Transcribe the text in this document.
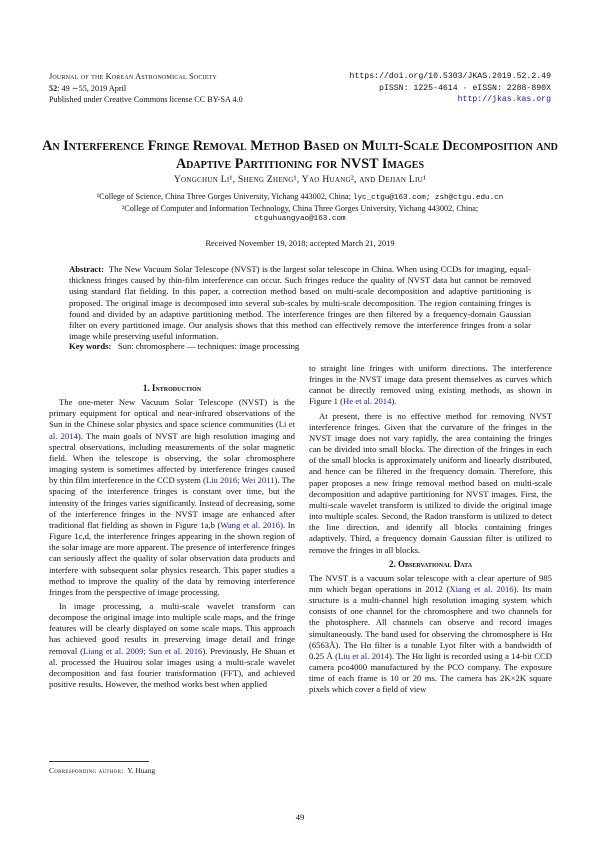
Journal of the Korean Astronomical Society
52: 49 ∼55, 2019 April
Published under Creative Commons license CC BY-SA 4.0
https://doi.org/10.5303/JKAS.2019.52.2.49
pISSN: 1225-4614 · eISSN: 2288-890X
http://jkas.kas.org
An Interference Fringe Removal Method Based on Multi-Scale Decomposition and Adaptive Partitioning for NVST Images
Yongchun Li¹, Sheng Zheng¹, Yao Huang², and Dejian Liu¹
¹College of Science, China Three Gorges University, Yichang 443002, China; lyc_ctgu@163.com; zsh@ctgu.edu.cn
²College of Computer and Information Technology, China Three Gorges University, Yichang 443002, China;
ctguhuangyao@163.com
Received November 19, 2018; accepted March 21, 2019
Abstract: The New Vacuum Solar Telescope (NVST) is the largest solar telescope in China. When using CCDs for imaging, equal-thickness fringes caused by thin-film interference can occur. Such fringes reduce the quality of NVST data but cannot be removed using standard flat fielding. In this paper, a correction method based on multi-scale decomposition and adaptive partitioning is proposed. The original image is decomposed into several sub-scales by multi-scale decomposition. The region containing fringes is found and divided by an adaptive partitioning method. The interference fringes are then filtered by a frequency-domain Gaussian filter on every partitioned image. Our analysis shows that this method can effectively remove the interference fringes from a solar image while preserving useful information.
Key words: Sun: chromosphere — techniques: image processing
1. Introduction

The one-meter New Vacuum Solar Telescope (NVST) is the primary equipment for optical and near-infrared observations of the Sun in the Chinese solar physics and space science communities (Li et al. 2014). The main goals of NVST are high resolution imaging and spectral observations, including measurements of the solar magnetic field. When the telescope is observing, the solar chromosphere imaging system is sometimes affected by interference fringes caused by thin film interference in the CCD system (Liu 2016; Wei 2011). The spacing of the interference fringes is constant over time, but the intensity of the fringes varies significantly. Instead of decreasing, some of the interference fringes in the NVST image are enhanced after traditional flat fielding as shown in Figure 1a,b (Wang et al. 2016). In Figure 1c,d, the interference fringes appearing in the shown region of the solar image are more apparent. The presence of interference fringes can seriously affect the quality of solar observation data products and interfere with subsequent solar physics research. This paper studies a method to improve the quality of the data by removing interference fringes from the perspective of image processing.

In image processing, a multi-scale wavelet transform can decompose the original image into multiple scale maps, and the fringe features will be clearly displayed on some scale maps. This approach has achieved good results in preserving image detail and fringe removal (Liang et al. 2009; Sun et al. 2016). Previously, He Shuan et al. processed the Huairou solar images using a multi-scale wavelet decomposition and fast fourier transformation (FFT), and achieved positive results. However, the method works best when applied

to straight line fringes with uniform directions. The interference fringes in the NVST image data present themselves as curves which cannot be directly removed using existing methods, as shown in Figure 1 (He et al. 2014).

At present, there is no effective method for removing NVST interference fringes. Given that the curvature of the fringes in the NVST image does not vary rapidly, the area containing the fringes can be divided into small blocks. The direction of the fringes in each of the small blocks is approximately uniform and linearly distributed, and hence can be filtered in the frequency domain. Therefore, this paper proposes a new fringe removal method based on multi-scale decomposition and adaptive partitioning for NVST images. First, the multi-scale wavelet transform is utilized to divide the original image into multiple scales. Second, the Radon transform is utilized to detect the line direction, and identify all blocks containing fringes adaptively. Third, a frequency domain Gaussian filter is utilized to remove the fringes in all blocks.

2. Observational Data

The NVST is a vacuum solar telescope with a clear aperture of 985 mm which began operations in 2012 (Xiang et al. 2016). Its main structure is a multi-channel high resolution imaging system which consists of one channel for the chromosphere and two channels for the photosphere. All channels can observe and record images simultaneously. The band used for observing the chromosphere is Hα (6563Å). The Hα filter is a tunable Lyot filter with a bandwidth of 0.25 Å (Liu et al. 2014). The Hα light is recorded using a 14-bit CCD camera pco4000 manufactured by the PCO company. The exposure time of each frame is 10 or 20 ms. The camera has 2K×2K square pixels which cover a field of view

Corresponding author: Y. Huang
49
